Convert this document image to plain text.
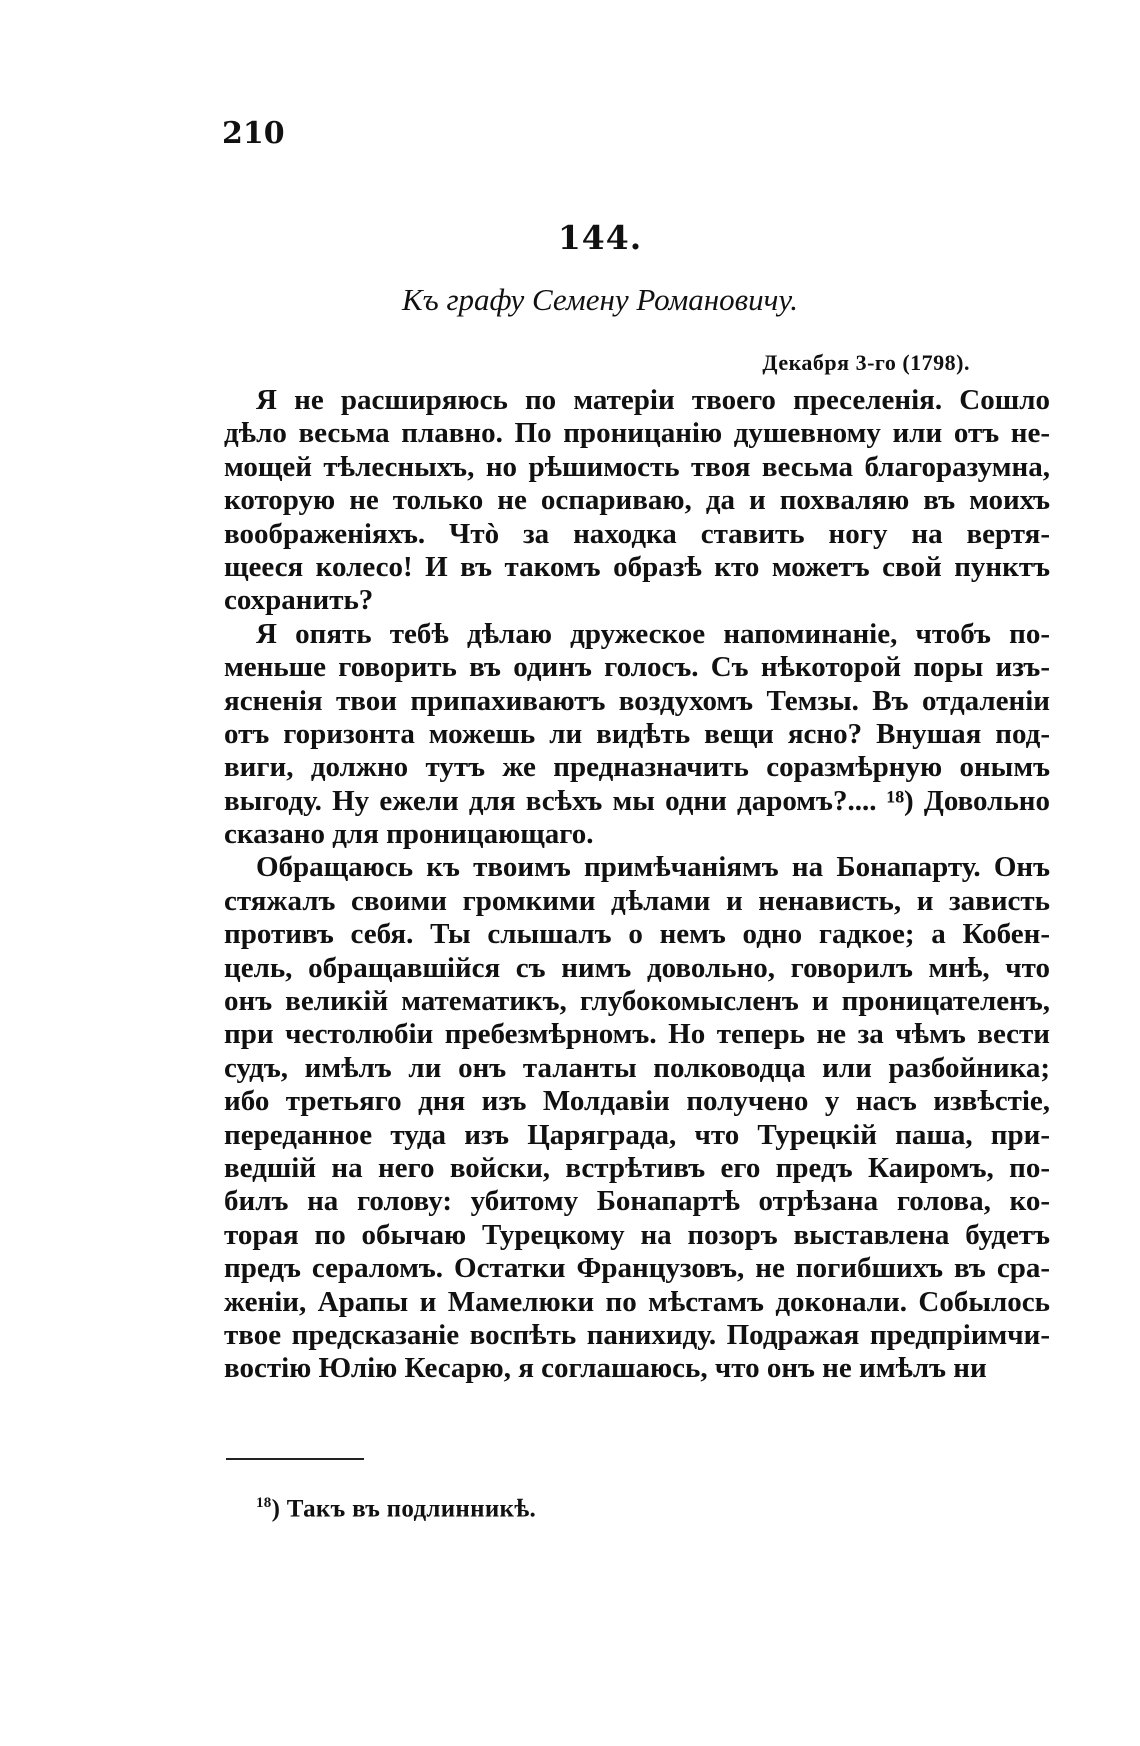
210
144.
Къ графу Семену Романовичу.
Декабря 3-го (1798).
Я не расширяюсь по матеріи твоего преселенія. Сошло
дѣло весьма плавно. По проницанію душевному или отъ не-
мощей тѣлесныхъ, но рѣшимость твоя весьма благоразумна,
которую не только не оспариваю, да и похваляю въ моихъ
воображеніяхъ. Чтò за находка ставить ногу на вертя-
щееся колесо! И въ такомъ образѣ кто можетъ свой пунктъ
сохранить?
Я опять тебѣ дѣлаю дружеское напоминаніе, чтобъ по-
меньше говорить въ одинъ голосъ. Съ нѣкоторой поры изъ-
ясненія твои припахиваютъ воздухомъ Темзы. Въ отдаленіи
отъ горизонта можешь ли видѣть вещи ясно? Внушая под-
виги, должно тутъ же предназначить соразмѣрную онымъ
выгоду. Ну ежели для всѣхъ мы одни даромъ?.... ¹⁸) Довольно
сказано для проницающаго.
Обращаюсь къ твоимъ примѣчаніямъ на Бонапарту. Онъ
стяжалъ своими громкими дѣлами и ненависть, и зависть
противъ себя. Ты слышалъ о немъ одно гадкое; а Кобен-
цель, обращавшійся съ нимъ довольно, говорилъ мнѣ, что
онъ великій математикъ, глубокомысленъ и проницателенъ,
при честолюбіи пребезмѣрномъ. Но теперь не за чѣмъ вести
судъ, имѣлъ ли онъ таланты полководца или разбойника;
ибо третьяго дня изъ Молдавіи получено у насъ извѣстіе,
переданное туда изъ Царяграда, что Турецкій паша, при-
ведшій на него войски, встрѣтивъ его предъ Каиромъ, по-
билъ на голову: убитому Бонапартѣ отрѣзана голова, ко-
торая по обычаю Турецкому на позоръ выставлена будетъ
предъ сераломъ. Остатки Французовъ, не погибшихъ въ сра-
женіи, Арапы и Мамелюки по мѣстамъ доконали. Собылось
твое предсказаніе воспѣть панихиду. Подражая предпріимчи-
востію Юлію Кесарю, я соглашаюсь, что онъ не имѣлъ ни
$^{18}$) Такъ въ подлинникѣ.
